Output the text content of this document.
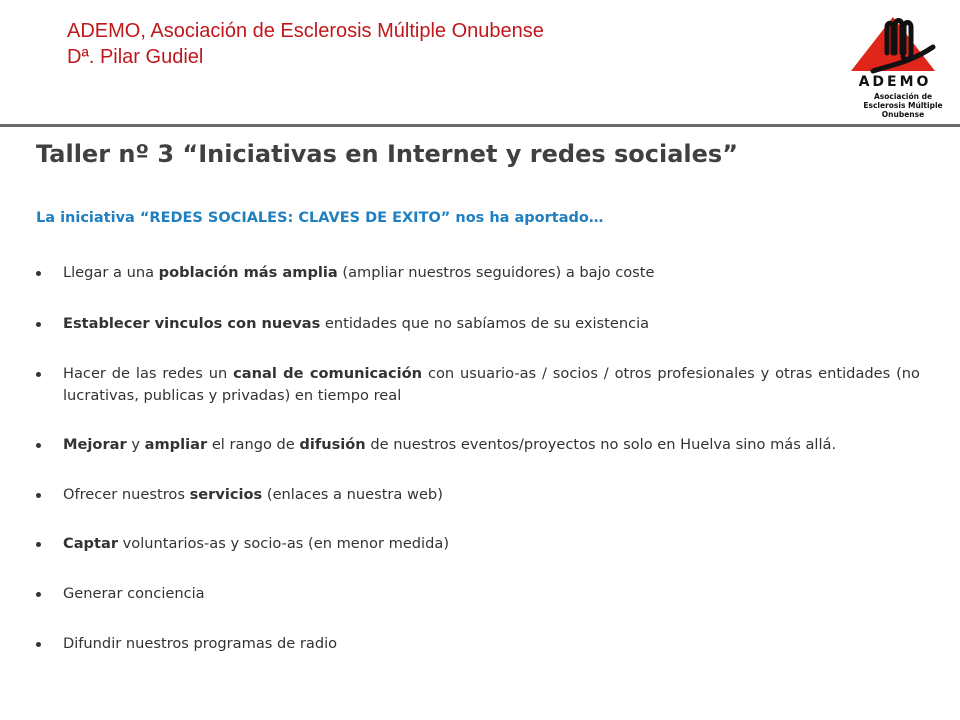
ADEMO, Asociación de Esclerosis Múltiple Onubense
Dª. Pilar Gudiel
ADEMO
Asociación de
Esclerosis Múltiple
Onubense
Taller nº 3 “Iniciativas en Internet y redes sociales”
La iniciativa “REDES SOCIALES: CLAVES DE EXITO” nos ha aportado…
Llegar a una población más amplia (ampliar nuestros seguidores) a bajo coste
Establecer vinculos con nuevas entidades que no sabíamos de su existencia
Hacer de las redes un canal de comunicación con usuario-as / socios / otros profesionales y otras entidades (no lucrativas, publicas y privadas) en tiempo real
Mejorar y ampliar el rango de difusión de nuestros eventos/proyectos no solo en Huelva sino más allá.
Ofrecer nuestros servicios (enlaces a nuestra web)
Captar voluntarios-as y socio-as (en menor medida)
Generar conciencia
Difundir nuestros programas de radio
